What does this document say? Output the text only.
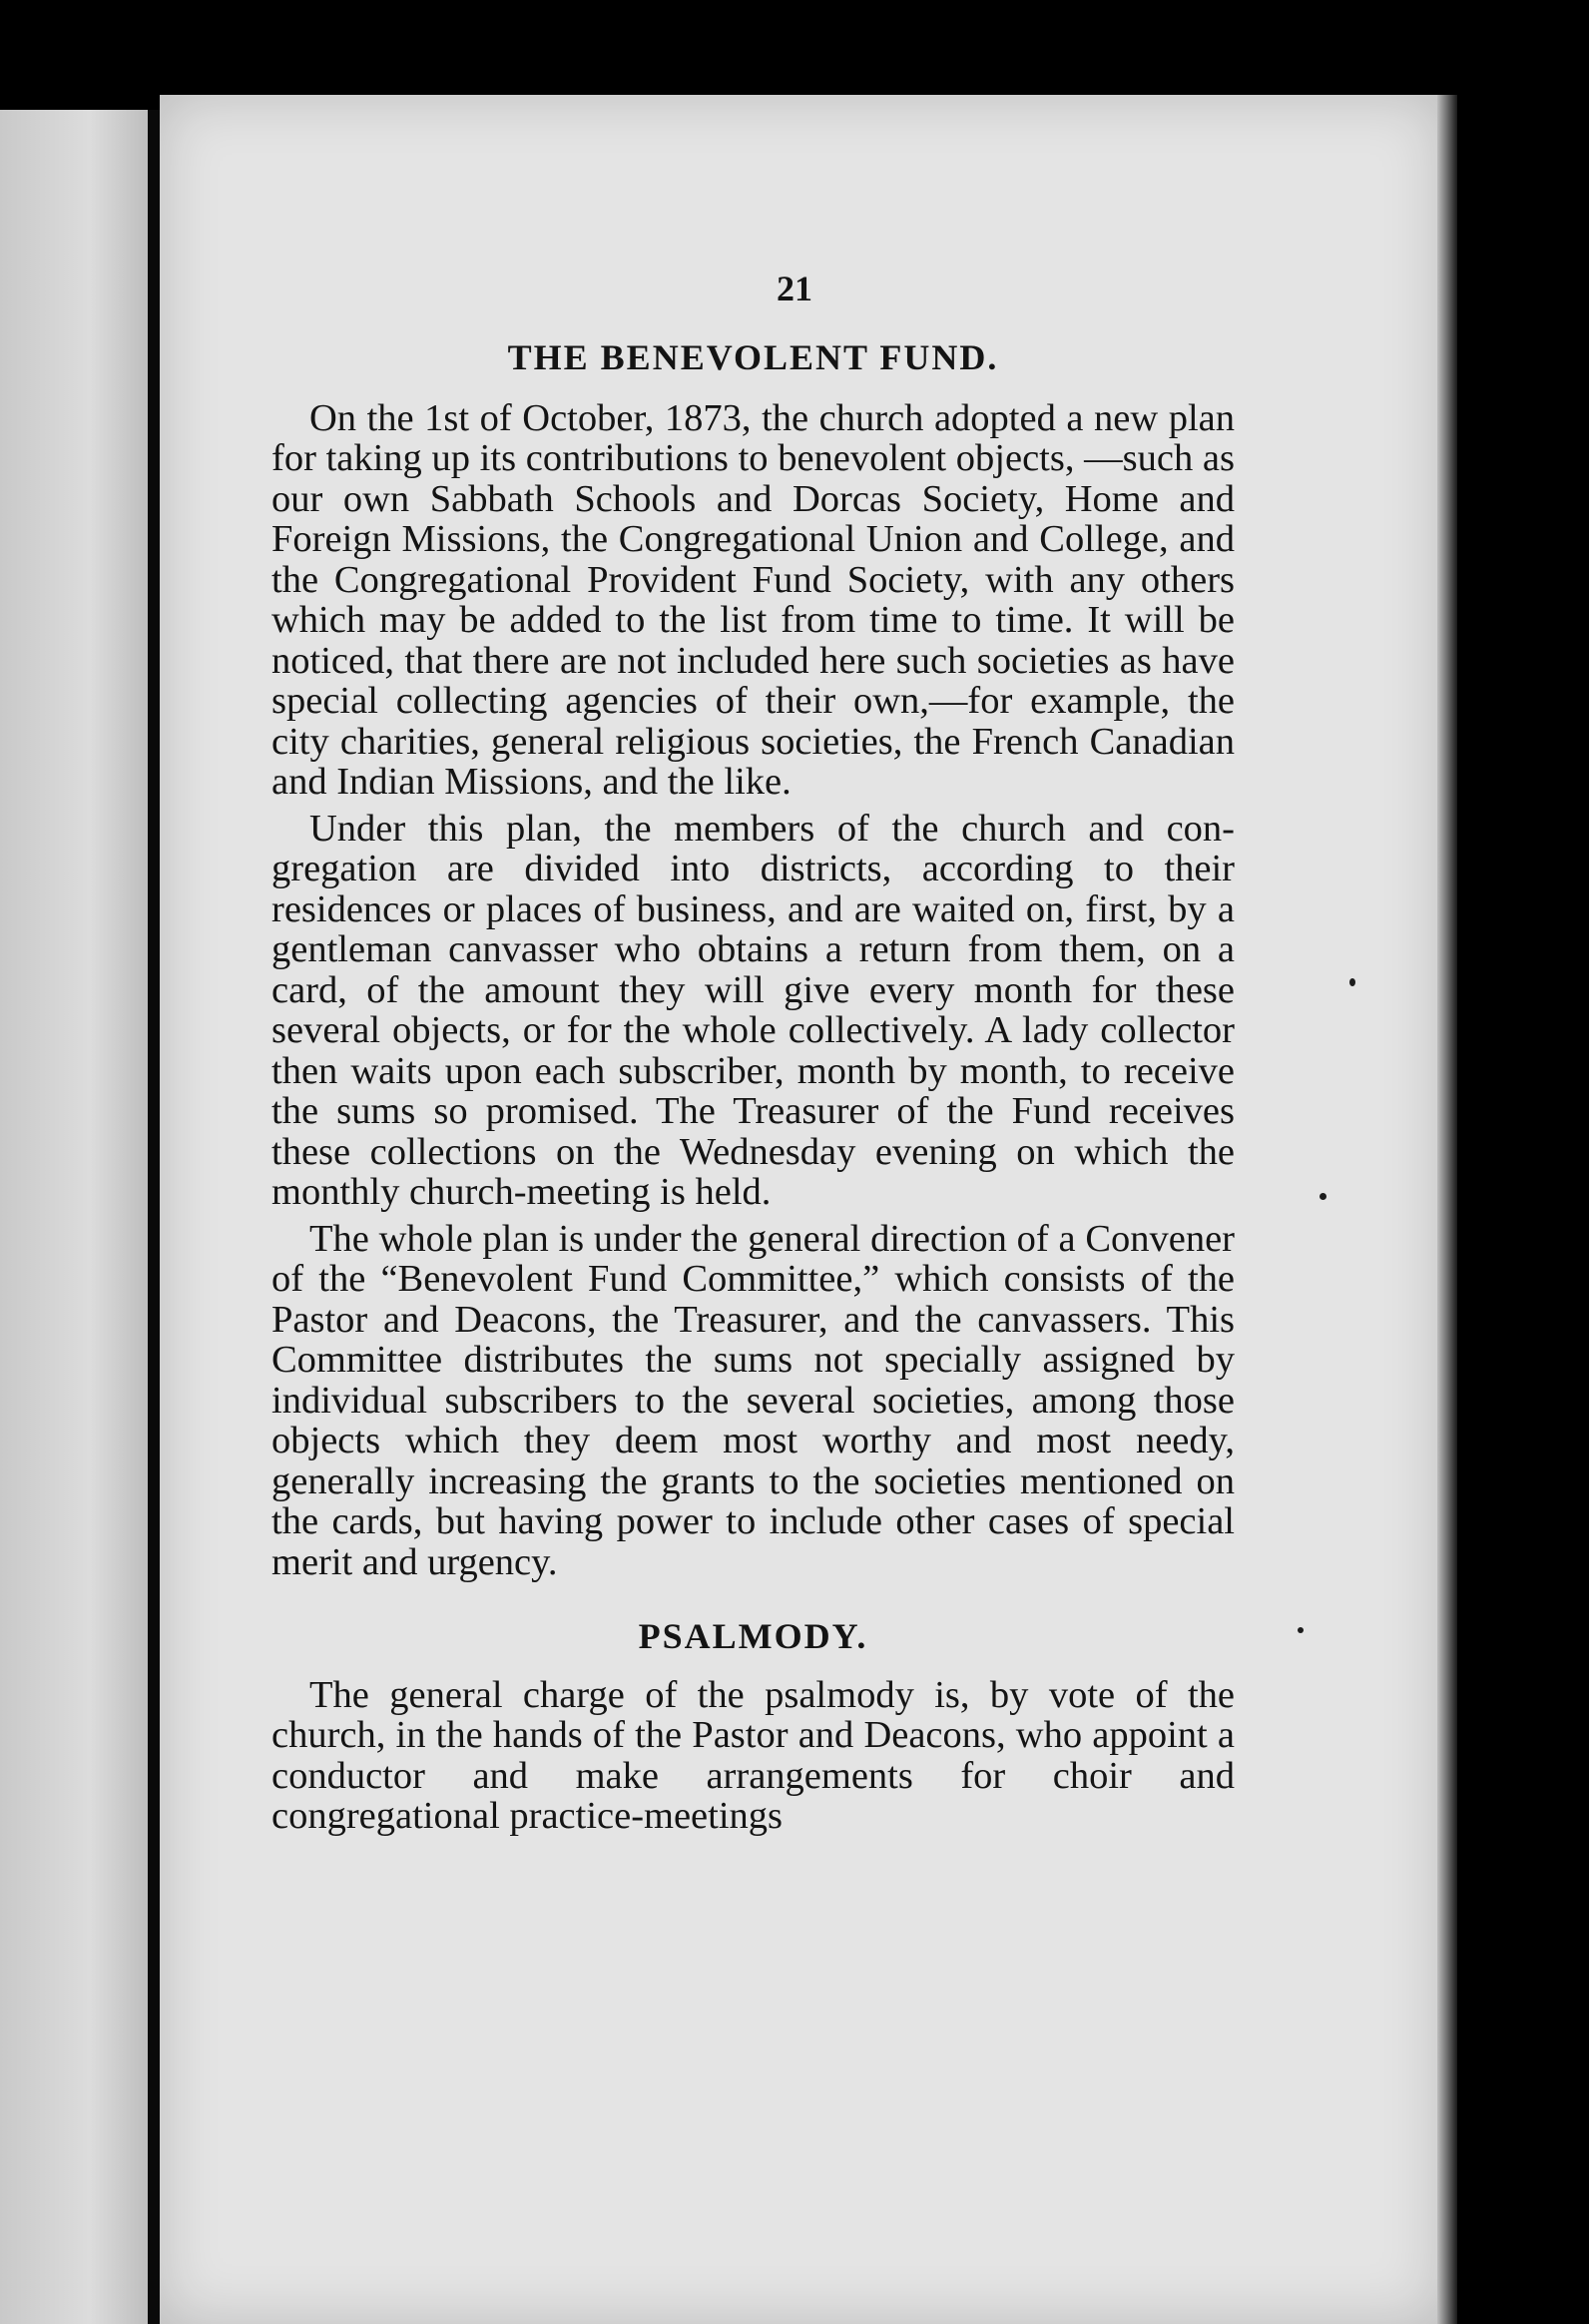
21
THE BENEVOLENT FUND.

On the 1st of October, 1873, the church adopted a new plan for taking up its contributions to benevolent objects, —such as our own Sabbath Schools and Dorcas Society, Home and Foreign Missions, the Congregational Union and College, and the Congregational Provident Fund Society, with any others which may be added to the list from time to time. It will be noticed, that there are not included here such societies as have special collecting agencies of their own,—for example, the city charities, general religious societies, the French Canadian and Indian Missions, and the like.

Under this plan, the members of the church and congregation are divided into districts, according to their residences or places of business, and are waited on, first, by a gentleman canvasser who obtains a return from them, on a card, of the amount they will give every month for these several objects, or for the whole collectively. A lady collector then waits upon each subscriber, month by month, to receive the sums so promised. The Treasurer of the Fund receives these collections on the Wednesday evening on which the monthly church-meeting is held.

The whole plan is under the general direction of a Convener of the “Benevolent Fund Committee,” which consists of the Pastor and Deacons, the Treasurer, and the canvassers. This Committee distributes the sums not specially assigned by individual subscribers to the several societies, among those objects which they deem most worthy and most needy, generally increasing the grants to the societies mentioned on the cards, but having power to include other cases of special merit and urgency.

PSALMODY.

The general charge of the psalmody is, by vote of the church, in the hands of the Pastor and Deacons, who appoint a conductor and make arrangements for choir and congregational practice-meetings
